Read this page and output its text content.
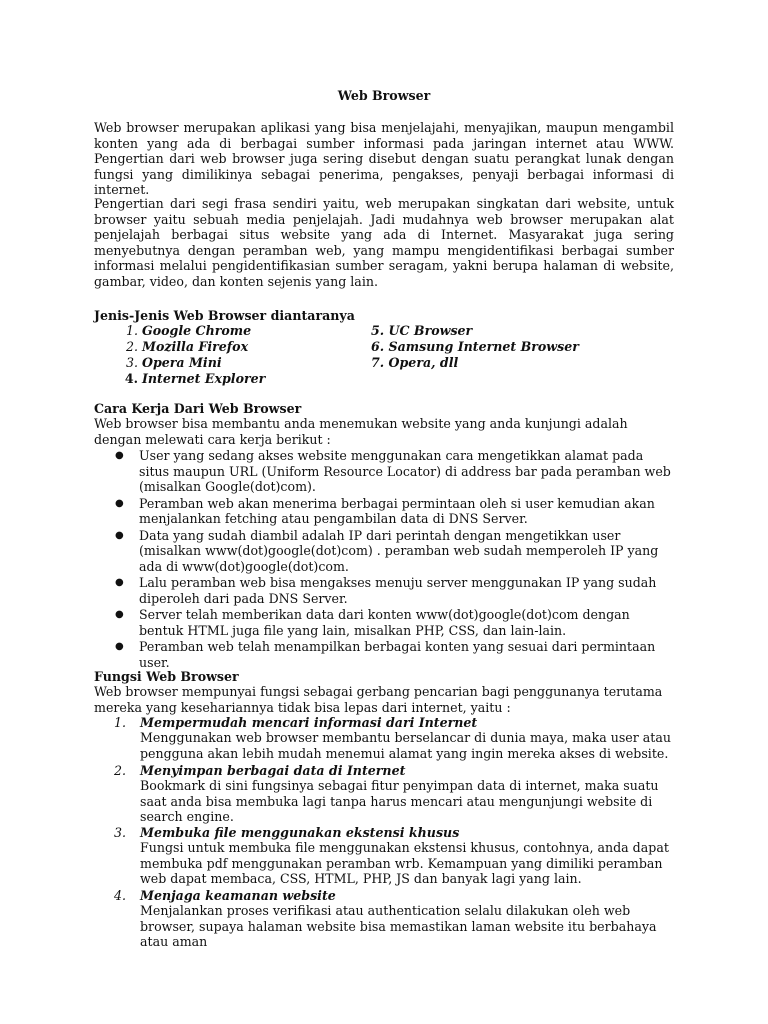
Web Browser
Web browser merupakan aplikasi yang bisa menjelajahi, menyajikan, maupun mengambil konten yang ada di berbagai sumber informasi pada jaringan internet atau WWW. Pengertian dari web browser juga sering disebut dengan suatu perangkat lunak dengan fungsi yang dimilikinya sebagai penerima, pengakses, penyaji berbagai informasi di internet.
Pengertian dari segi frasa sendiri yaitu, web merupakan singkatan dari website, untuk browser yaitu sebuah media penjelajah. Jadi mudahnya web browser merupakan alat penjelajah berbagai situs website yang ada di Internet. Masyarakat juga sering menyebutnya dengan peramban web, yang mampu mengidentifikasi berbagai sumber informasi melalui pengidentifikasian sumber seragam, yakni berupa halaman di website, gambar, video, dan konten sejenis yang lain.
Jenis-Jenis Web Browser diantaranya
1. Google Chrome
2. Mozilla Firefox
3. Opera Mini
4. Internet Explorer
5. UC Browser
6. Samsung Internet Browser
7. Opera, dll
Cara Kerja Dari Web Browser
Web browser bisa membantu anda menemukan website yang anda kunjungi adalah dengan melewati cara kerja berikut :
● User yang sedang akses website menggunakan cara mengetikkan alamat pada situs maupun URL (Uniform Resource Locator) di address bar pada peramban web (misalkan Google(dot)com).
● Peramban web akan menerima berbagai permintaan oleh si user kemudian akan menjalankan fetching atau pengambilan data di DNS Server.
● Data yang sudah diambil adalah IP dari perintah dengan mengetikkan user (misalkan www(dot)google(dot)com) . peramban web sudah memperoleh IP yang ada di www(dot)google(dot)com.
● Lalu peramban web bisa mengakses menuju server menggunakan IP yang sudah diperoleh dari pada DNS Server.
● Server telah memberikan data dari konten www(dot)google(dot)com dengan bentuk HTML juga file yang lain, misalkan PHP, CSS, dan lain-lain.
● Peramban web telah menampilkan berbagai konten yang sesuai dari permintaan user.
Fungsi Web Browser
Web browser mempunyai fungsi sebagai gerbang pencarian bagi penggunanya terutama mereka yang kesehariannya tidak bisa lepas dari internet, yaitu :
1. Mempermudah mencari informasi dari Internet
Menggunakan web browser membantu berselancar di dunia maya, maka user atau pengguna akan lebih mudah menemui alamat yang ingin mereka akses di website.
2. Menyimpan berbagai data di Internet
Bookmark di sini fungsinya sebagai fitur penyimpan data di internet, maka suatu saat anda bisa membuka lagi tanpa harus mencari atau mengunjungi website di search engine.
3. Membuka file menggunakan ekstensi khusus
Fungsi untuk membuka file menggunakan ekstensi khusus, contohnya, anda dapat membuka pdf menggunakan peramban wrb. Kemampuan yang dimiliki peramban web dapat membaca, CSS, HTML, PHP, JS dan banyak lagi yang lain.
4. Menjaga keamanan website
Menjalankan proses verifikasi atau authentication selalu dilakukan oleh web browser, supaya halaman website bisa memastikan laman website itu berbahaya atau aman
